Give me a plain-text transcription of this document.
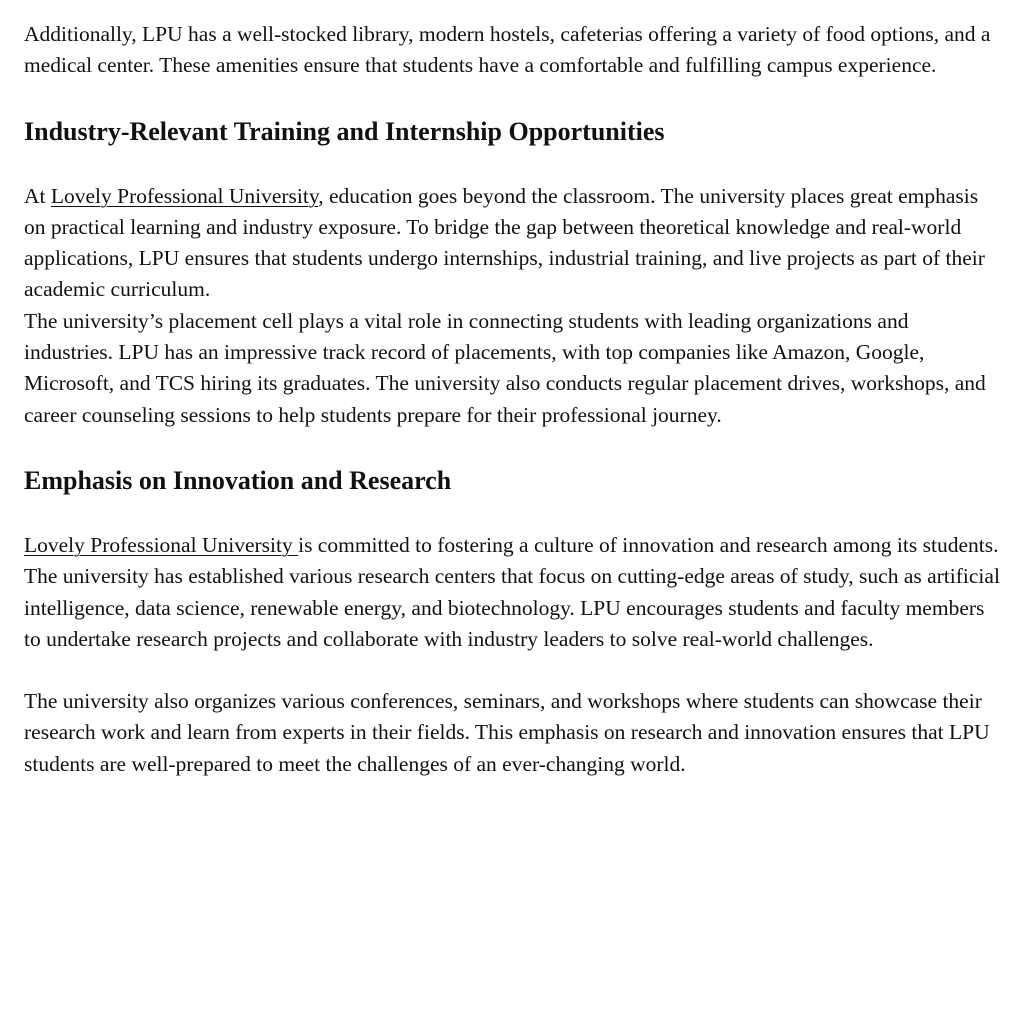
Additionally, LPU has a well-stocked library, modern hostels, cafeterias offering a variety of food options, and a medical center. These amenities ensure that students have a comfortable and fulfilling campus experience.

Industry-Relevant Training and Internship Opportunities

At Lovely Professional University, education goes beyond the classroom. The university places great emphasis on practical learning and industry exposure. To bridge the gap between theoretical knowledge and real-world applications, LPU ensures that students undergo internships, industrial training, and live projects as part of their academic curriculum.

The university’s placement cell plays a vital role in connecting students with leading organizations and industries. LPU has an impressive track record of placements, with top companies like Amazon, Google, Microsoft, and TCS hiring its graduates. The university also conducts regular placement drives, workshops, and career counseling sessions to help students prepare for their professional journey.

Emphasis on Innovation and Research

Lovely Professional University is committed to fostering a culture of innovation and research among its students. The university has established various research centers that focus on cutting-edge areas of study, such as artificial intelligence, data science, renewable energy, and biotechnology. LPU encourages students and faculty members to undertake research projects and collaborate with industry leaders to solve real-world challenges.

The university also organizes various conferences, seminars, and workshops where students can showcase their research work and learn from experts in their fields. This emphasis on research and innovation ensures that LPU students are well-prepared to meet the challenges of an ever-changing world.
